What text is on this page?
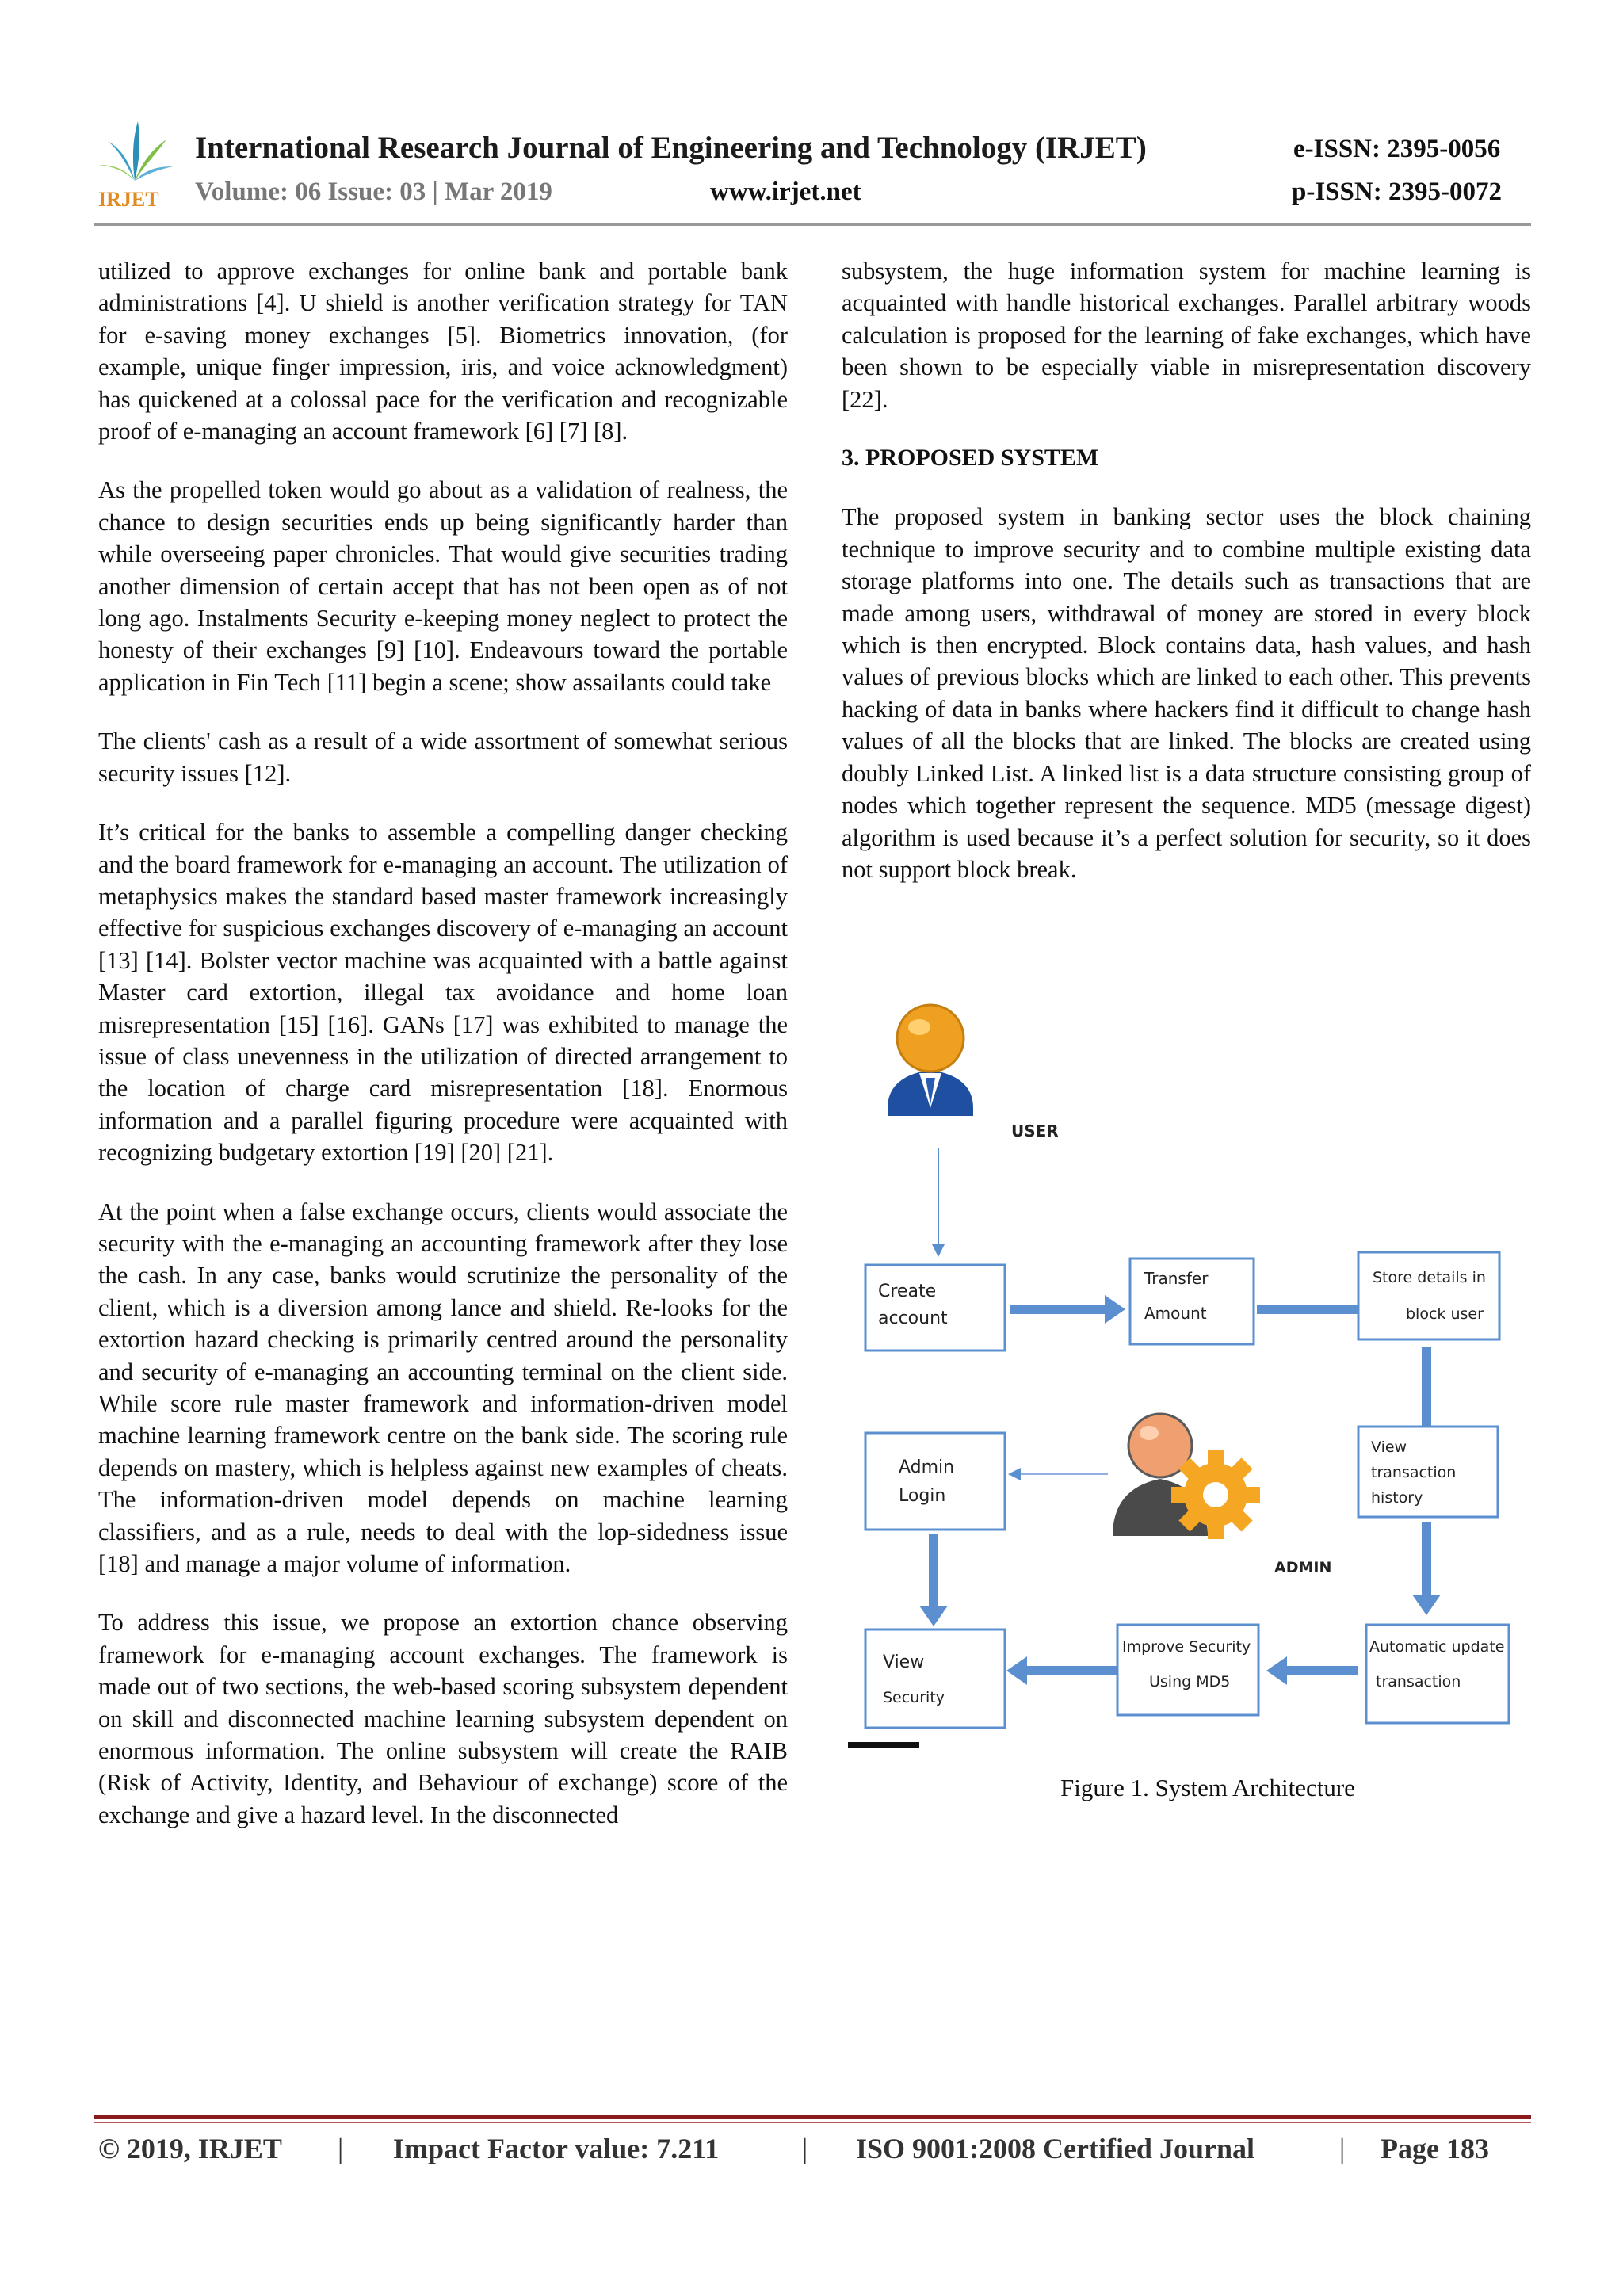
IRJET
International Research Journal of Engineering and Technology (IRJET)	e-ISSN: 2395-0056
Volume: 06 Issue: 03 | Mar 2019	www.irjet.net	p-ISSN: 2395-0072

utilized to approve exchanges for online bank and portable bank administrations [4]. U shield is another verification strategy for TAN for e-saving money exchanges [5]. Biometrics innovation, (for example, unique finger impression, iris, and voice acknowledgment) has quickened at a colossal pace for the verification and recognizable proof of e-managing an account framework [6] [7] [8].

As the propelled token would go about as a validation of realness, the chance to design securities ends up being significantly harder than while overseeing paper chronicles. That would give securities trading another dimension of certain accept that has not been open as of not long ago. Instalments Security e-keeping money neglect to protect the honesty of their exchanges [9] [10]. Endeavours toward the portable application in Fin Tech [11] begin a scene; show assailants could take

The clients' cash as a result of a wide assortment of somewhat serious security issues [12].

It’s critical for the banks to assemble a compelling danger checking and the board framework for e-managing an account. The utilization of metaphysics makes the standard based master framework increasingly effective for suspicious exchanges discovery of e-managing an account [13] [14]. Bolster vector machine was acquainted with a battle against Master card extortion, illegal tax avoidance and home loan misrepresentation [15] [16]. GANs [17] was exhibited to manage the issue of class unevenness in the utilization of directed arrangement to the location of charge card misrepresentation [18]. Enormous information and a parallel figuring procedure were acquainted with recognizing budgetary extortion [19] [20] [21].

At the point when a false exchange occurs, clients would associate the security with the e-managing an accounting framework after they lose the cash. In any case, banks would scrutinize the personality of the client, which is a diversion among lance and shield. Re-looks for the extortion hazard checking is primarily centred around the personality and security of e-managing an accounting terminal on the client side. While score rule master framework and information-driven model machine learning framework centre on the bank side. The scoring rule depends on mastery, which is helpless against new examples of cheats. The information-driven model depends on machine learning classifiers, and as a rule, needs to deal with the lop-sidedness issue [18] and manage a major volume of information.

To address this issue, we propose an extortion chance observing framework for e-managing account exchanges. The framework is made out of two sections, the web-based scoring subsystem dependent on skill and disconnected machine learning subsystem dependent on enormous information. The online subsystem will create the RAIB (Risk of Activity, Identity, and Behaviour of exchange) score of the exchange and give a hazard level. In the disconnected

subsystem, the huge information system for machine learning is acquainted with handle historical exchanges. Parallel arbitrary woods calculation is proposed for the learning of fake exchanges, which have been shown to be especially viable in misrepresentation discovery [22].

3. PROPOSED SYSTEM

The proposed system in banking sector uses the block chaining technique to improve security and to combine multiple existing data storage platforms into one. The details such as transactions that are made among users, withdrawal of money are stored in every block which is then encrypted. Block contains data, hash values, and hash values of previous blocks which are linked to each other. This prevents hacking of data in banks where hackers find it difficult to change hash values of all the blocks that are linked. The blocks are created using doubly Linked List. A linked list is a data structure consisting group of nodes which together represent the sequence. MD5 (message digest) algorithm is used because it’s a perfect solution for security, so it does not support block break.

USER
Create
account
Transfer
Amount
Store details in
block user
Admin
Login
ADMIN
View
transaction
history
View
Security
Improve Security
Using MD5
Automatic update
transaction
Figure 1. System Architecture
© 2019, IRJET | Impact Factor value: 7.211	| ISO 9001:2008 Certified Journal	| Page 183
